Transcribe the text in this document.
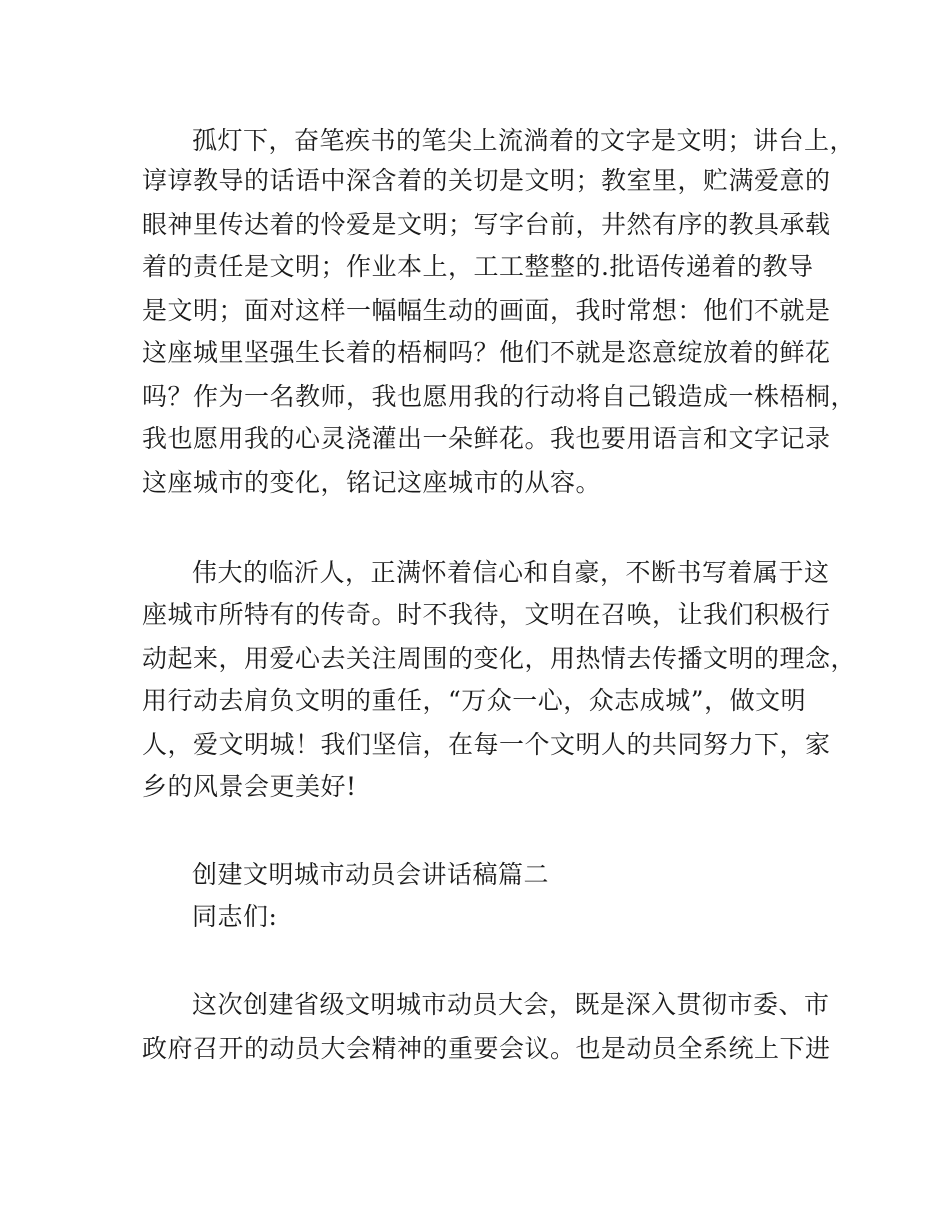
孤灯下，奋笔疾书的笔尖上流淌着的文字是文明；讲台上，
谆谆教导的话语中深含着的关切是文明；教室里，贮满爱意的
眼神里传达着的怜爱是文明；写字台前，井然有序的教具承载
着的责任是文明；作业本上，工工整整的.批语传递着的教导
是文明；面对这样一幅幅生动的画面，我时常想：他们不就是
这座城里坚强生长着的梧桐吗？他们不就是恣意绽放着的鲜花
吗？作为一名教师，我也愿用我的行动将自己锻造成一株梧桐，
我也愿用我的心灵浇灌出一朵鲜花。我也要用语言和文字记录
这座城市的变化，铭记这座城市的从容。
伟大的临沂人，正满怀着信心和自豪，不断书写着属于这
座城市所特有的传奇。时不我待，文明在召唤，让我们积极行
动起来，用爱心去关注周围的变化，用热情去传播文明的理念，
用行动去肩负文明的重任，“万众一心，众志成城”，做文明
人，爱文明城！我们坚信，在每一个文明人的共同努力下，家
乡的风景会更美好!
创建文明城市动员会讲话稿篇二
同志们:
这次创建省级文明城市动员大会，既是深入贯彻市委、市
政府召开的动员大会精神的重要会议。也是动员全系统上下进
